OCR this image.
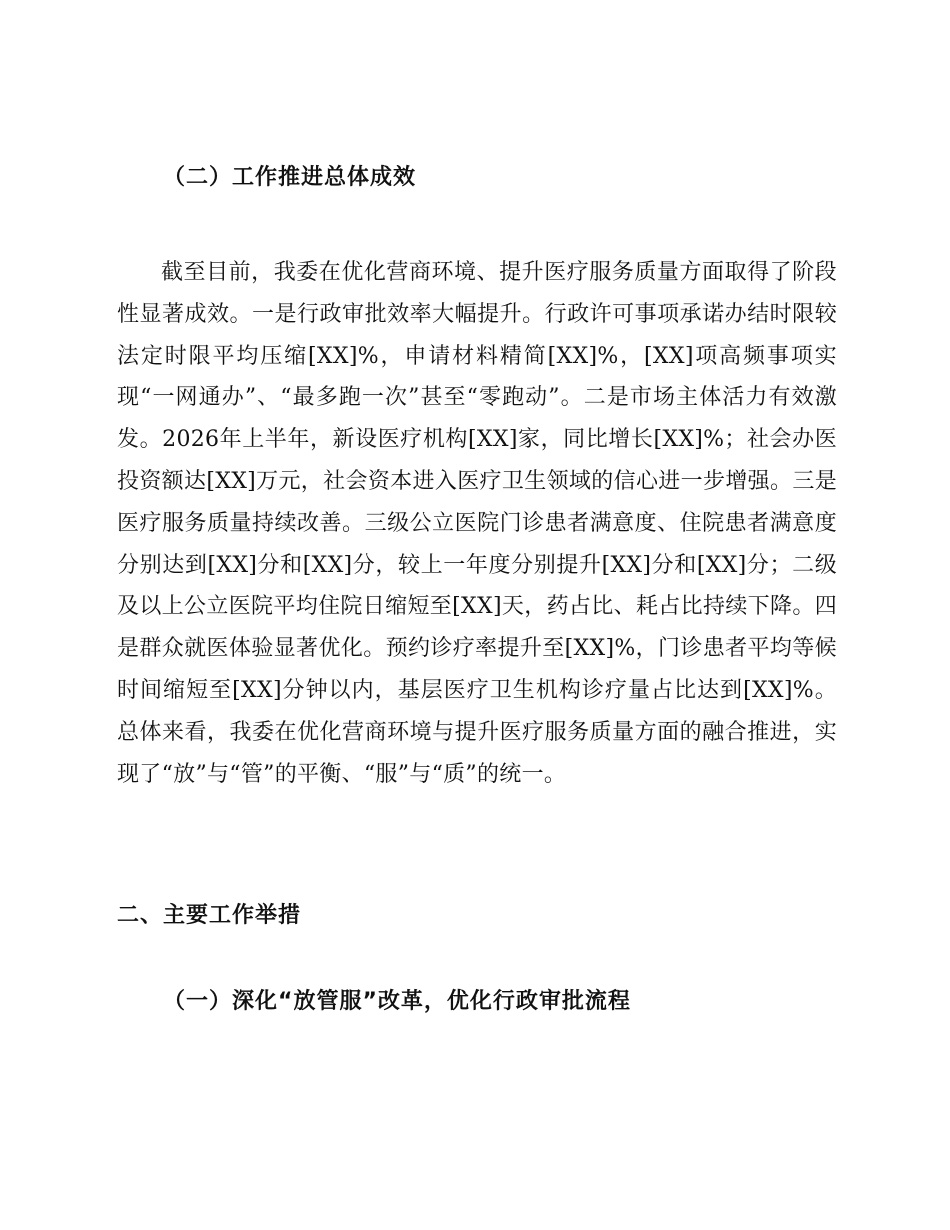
（二）工作推进总体成效

截至目前，我委在优化营商环境、提升医疗服务质量方面取得了阶段性显著成效。一是行政审批效率大幅提升。行政许可事项承诺办结时限较法定时限平均压缩[XX]%，申请材料精简[XX]%，[XX]项高频事项实现“一网通办”、“最多跑一次”甚至“零跑动”。二是市场主体活力有效激发。2026年上半年，新设医疗机构[XX]家，同比增长[XX]%；社会办医投资额达[XX]万元，社会资本进入医疗卫生领域的信心进一步增强。三是医疗服务质量持续改善。三级公立医院门诊患者满意度、住院患者满意度分别达到[XX]分和[XX]分，较上一年度分别提升[XX]分和[XX]分；二级及以上公立医院平均住院日缩短至[XX]天，药占比、耗占比持续下降。四是群众就医体验显著优化。预约诊疗率提升至[XX]%，门诊患者平均等候时间缩短至[XX]分钟以内，基层医疗卫生机构诊疗量占比达到[XX]%。总体来看，我委在优化营商环境与提升医疗服务质量方面的融合推进，实现了“放”与“管”的平衡、“服”与“质”的统一。

二、主要工作举措
（一）深化“放管服”改革，优化行政审批流程
